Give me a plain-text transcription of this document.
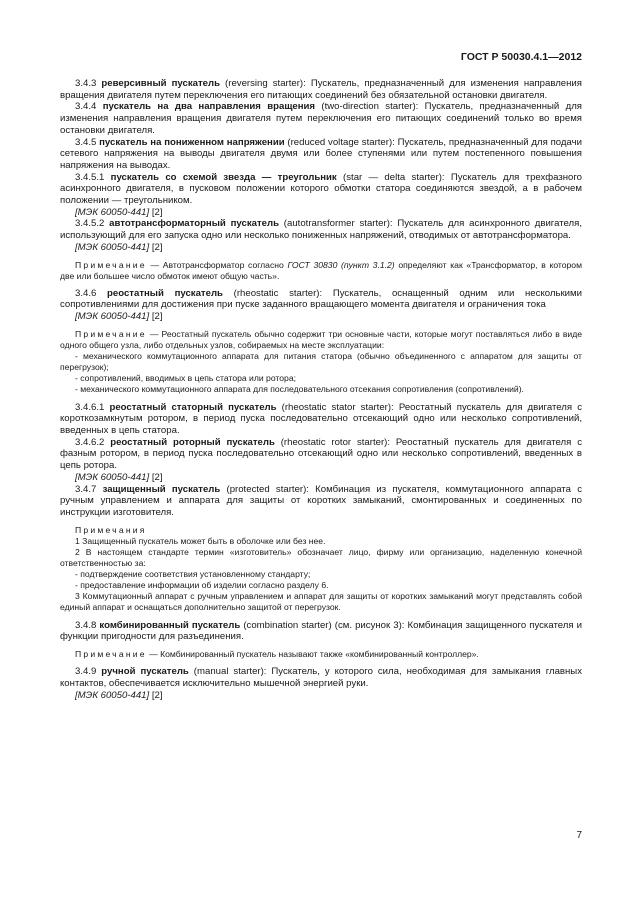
ГОСТ Р 50030.4.1—2012

3.4.3 реверсивный пускатель (reversing starter): Пускатель, предназначенный для изменения направления вращения двигателя путем переключения его питающих соединений без обязательной остановки двигателя.

3.4.4 пускатель на два направления вращения (two-direction starter): Пускатель, предназначенный для изменения направления вращения двигателя путем переключения его питающих соединений только во время остановки двигателя.

3.4.5 пускатель на пониженном напряжении (reduced voltage starter): Пускатель, предназначенный для подачи сетевого напряжения на выводы двигателя двумя или более ступенями или путем постепенного повышения напряжения на выводах.

3.4.5.1 пускатель со схемой звезда — треугольник (star — delta starter): Пускатель для трехфазного асинхронного двигателя, в пусковом положении которого обмотки статора соединяются звездой, а в рабочем положении — треугольником.

[МЭК 60050-441] [2]

3.4.5.2 автотрансформаторный пускатель (autotransformer starter): Пускатель для асинхронного двигателя, использующий для его запуска одно или несколько пониженных напряжений, отводимых от автотрансформатора.

[МЭК 60050-441] [2]

Примечание — Автотрансформатор согласно ГОСТ 30830 (пункт 3.1.2) определяют как «Трансформатор, в котором две или большее число обмоток имеют общую часть».

3.4.6 реостатный пускатель (rheostatic starter): Пускатель, оснащенный одним или несколькими сопротивлениями для достижения при пуске заданного вращающего момента двигателя и ограничения тока

[МЭК 60050-441] [2]

Примечание — Реостатный пускатель обычно содержит три основные части, которые могут поставляться либо в виде одного общего узла, либо отдельных узлов, собираемых на месте эксплуатации:

- механического коммутационного аппарата для питания статора (обычно объединенного с аппаратом для защиты от перегрузок);

- сопротивлений, вводимых в цепь статора или ротора;

- механического коммутационного аппарата для последовательного отсекания сопротивления (сопротивлений).

3.4.6.1 реостатный статорный пускатель (rheostatic stator starter): Реостатный пускатель для двигателя с короткозамкнутым ротором, в период пуска последовательно отсекающий одно или несколько сопротивлений, введенных в цепь статора.

3.4.6.2 реостатный роторный пускатель (rheostatic rotor starter): Реостатный пускатель для двигателя с фазным ротором, в период пуска последовательно отсекающий одно или несколько сопротивлений, введенных в цепь ротора.

[МЭК 60050-441] [2]

3.4.7 защищенный пускатель (protected starter): Комбинация из пускателя, коммутационного аппарата с ручным управлением и аппарата для защиты от коротких замыканий, смонтированных и соединенных по инструкции изготовителя.

Примечания

1 Защищенный пускатель может быть в оболочке или без нее.

2 В настоящем стандарте термин «изготовитель» обозначает лицо, фирму или организацию, наделенную конечной ответственностью за:

- подтверждение соответствия установленному стандарту;

- предоставление информации об изделии согласно разделу 6.

3 Коммутационный аппарат с ручным управлением и аппарат для защиты от коротких замыканий могут представлять собой единый аппарат и оснащаться дополнительно защитой от перегрузок.

3.4.8 комбинированный пускатель (combination starter) (см. рисунок 3): Комбинация защищенного пускателя и функции пригодности для разъединения.

Примечание — Комбинированный пускатель называют также «комбинированный контроллер».

3.4.9 ручной пускатель (manual starter): Пускатель, у которого сила, необходимая для замыкания главных контактов, обеспечивается исключительно мышечной энергией руки.

[МЭК 60050-441] [2]

7
